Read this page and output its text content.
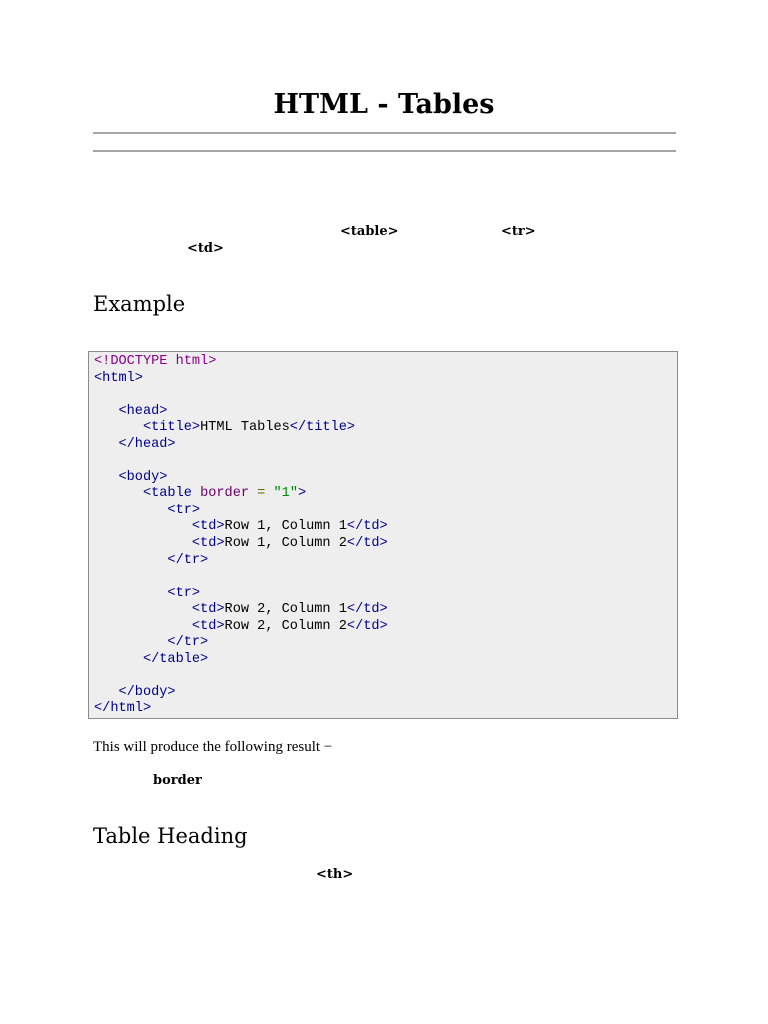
HTML - Tables
<table>	<tr>
<td>
Example
<!DOCTYPE html>
<html>

<head>
<title>HTML Tables</title>
</head>

<body>
<table border = "1">
<tr>
<td>Row 1, Column 1</td>
<td>Row 1, Column 2</td>
</tr>

<tr>
<td>Row 2, Column 1</td>
<td>Row 2, Column 2</td>
</tr>
</table>

</body>
</html>

This will produce the following result −

border
Table Heading
<th>
